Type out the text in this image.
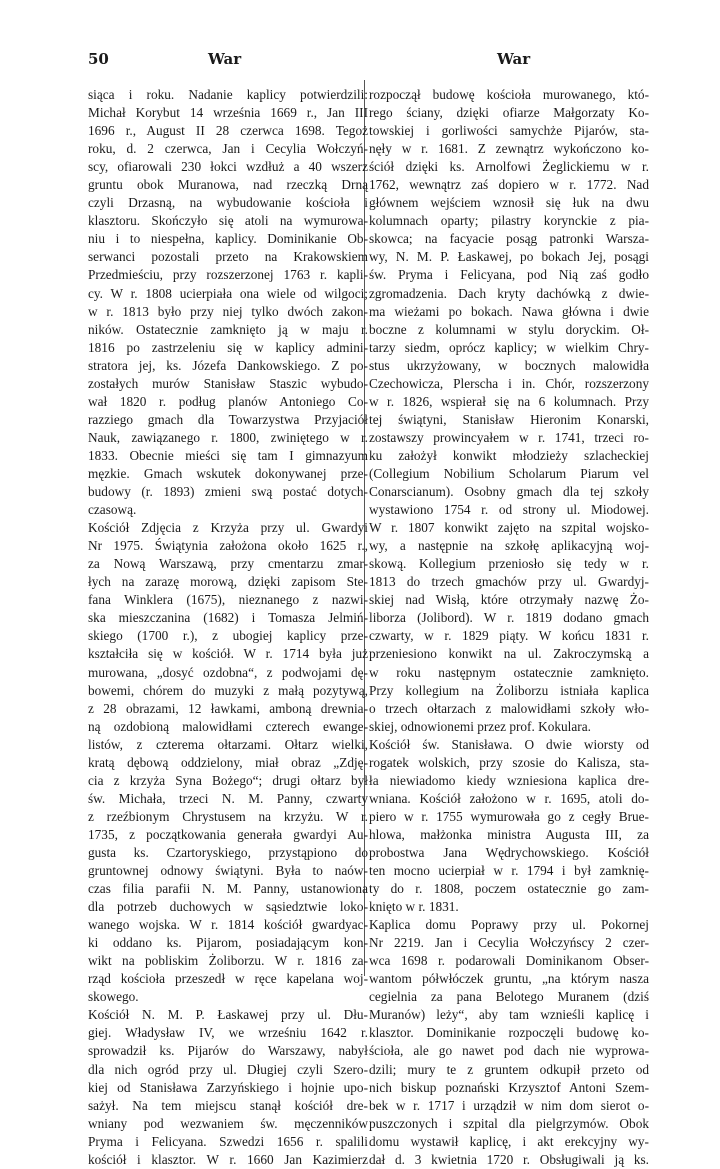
50	War	War
siąca i roku. Nadanie kaplicy potwierdzili:
Michał Korybut 14 września 1669 r., Jan III
1696 r., August II 28 czerwca 1698. Tegoż
roku, d. 2 czerwca, Jan i Cecylia Wołczyń-
scy, ofiarowali 230 łokci wzdłuż a 40 wszerz
gruntu obok Muranowa, nad rzeczką Drną
czyli Drzasną, na wybudowanie kościoła i
klasztoru. Skończyło się atoli na wymurowa-
niu i to niespełna, kaplicy. Dominikanie Ob-
serwanci pozostali przeto na Krakowskiem
Przedmieściu, przy rozszerzonej 1763 r. kapli-
cy. W r. 1808 ucierpiała ona wiele od wilgoci;
w r. 1813 było przy niej tylko dwóch zakon-
ników. Ostatecznie zamknięto ją w maju r.
1816 po zastrzeleniu się w kaplicy admini-
stratora jej, ks. Józefa Dankowskiego. Z po-
zostałych murów Stanisław Staszic wybudo-
wał 1820 r. podług planów Antoniego Co-
razziego gmach dla Towarzystwa Przyjaciół
Nauk, zawiązanego r. 1800, zwiniętego w r.
1833. Obecnie mieści się tam I gimnazyum
męzkie. Gmach wskutek dokonywanej prze-
budowy (r. 1893) zmieni swą postać dotych-
czasową.
Kościół Zdjęcia z Krzyża przy ul. Gwardyi
Nr 1975. Świątynia założona około 1625 r.,
za Nową Warszawą, przy cmentarzu zmar-
łych na zarazę morową, dzięki zapisom Ste-
fana Winklera (1675), nieznanego z nazwi-
ska mieszczanina (1682) i Tomasza Jelmiń-
skiego (1700 r.), z ubogiej kaplicy prze-
kształciła się w kościół. W r. 1714 była już
murowana, „dosyć ozdobna“, z podwojami dę-
bowemi, chórem do muzyki z małą pozytywą,
z 28 obrazami, 12 ławkami, amboną drewnia-
ną ozdobioną malowidłami czterech ewange-
listów, z czterema ołtarzami. Ołtarz wielki,
kratą dębową oddzielony, miał obraz „Zdję-
cia z krzyża Syna Bożego“; drugi ołtarz był
św. Michała, trzeci N. M. Panny, czwarty
z rzeźbionym Chrystusem na krzyżu. W r.
1735, z początkowania generała gwardyi Au-
gusta ks. Czartoryskiego, przystąpiono do
gruntownej odnowy świątyni. Była to naów-
czas filia parafii N. M. Panny, ustanowiona
dla potrzeb duchowych w sąsiedztwie loko-
wanego wojska. W r. 1814 kościół gwardyac-
ki oddano ks. Pijarom, posiadającym kon-
wikt na pobliskim Żoliborzu. W r. 1816 za-
rząd kościoła przeszedł w ręce kapelana woj-
skowego.
Kościół N. M. P. Łaskawej przy ul. Dłu-
giej. Władysław IV, we wrześniu 1642 r.
sprowadził ks. Pijarów do Warszawy, nabył
dla nich ogród przy ul. Długiej czyli Szero-
kiej od Stanisława Zarzyńskiego i hojnie upo-
sażył. Na tem miejscu stanął kościół dre-
wniany pod wezwaniem św. męczenników
Pryma i Felicyana. Szwedzi 1656 r. spalili
kościół i klasztor. W r. 1660 Jan Kazimierz
rozpoczął budowę kościoła murowanego, któ-
rego ściany, dzięki ofiarze Małgorzaty Ko-
towskiej i gorliwości samychże Pijarów, sta-
nęły w r. 1681. Z zewnątrz wykończono ko-
ściół dzięki ks. Arnolfowi Żeglickiemu w r.
1762, wewnątrz zaś dopiero w r. 1772. Nad
głównem wejściem wznosił się łuk na dwu
kolumnach oparty; pilastry korynckie z pia-
skowca; na facyacie posąg patronki Warsza-
wy, N. M. P. Łaskawej, po bokach Jej, posągi
św. Pryma i Felicyana, pod Nią zaś godło
zgromadzenia. Dach kryty dachówką z dwie-
ma wieżami po bokach. Nawa główna i dwie
boczne z kolumnami w stylu doryckim. Oł-
tarzy siedm, oprócz kaplicy; w wielkim Chry-
stus ukrzyżowany, w bocznych malowidła
Czechowicza, Plerscha i in. Chór, rozszerzony
w r. 1826, wspierał się na 6 kolumnach. Przy
tej świątyni, Stanisław Hieronim Konarski,
zostawszy prowincyałem w r. 1741, trzeci ro-
ku założył konwikt młodzieży szlacheckiej
(Collegium Nobilium Scholarum Piarum vel
Conarscianum). Osobny gmach dla tej szkoły
wystawiono 1754 r. od strony ul. Miodowej.
W r. 1807 konwikt zajęto na szpital wojsko-
wy, a następnie na szkołę aplikacyjną woj-
skową. Kollegium przeniosło się tedy w r.
1813 do trzech gmachów przy ul. Gwardyj-
skiej nad Wisłą, które otrzymały nazwę Żo-
liborza (Jolibord). W r. 1819 dodano gmach
czwarty, w r. 1829 piąty. W końcu 1831 r.
przeniesiono konwikt na ul. Zakroczymską a
w roku następnym ostatecznie zamknięto.
Przy kollegium na Żoliborzu istniała kaplica
o trzech ołtarzach z malowidłami szkoły wło-
skiej, odnowionemi przez prof. Kokulara.
Kościół św. Stanisława. O dwie wiorsty od
rogatek wolskich, przy szosie do Kalisza, sta-
ła niewiadomo kiedy wzniesiona kaplica dre-
wniana. Kościół założono w r. 1695, atoli do-
piero w r. 1755 wymurowała go z cegły Brue-
hlowa, małżonka ministra Augusta III, za
probostwa Jana Wędrychowskiego. Kościół
ten mocno ucierpiał w r. 1794 i był zamknię-
ty do r. 1808, poczem ostatecznie go zam-
knięto w r. 1831.
Kaplica domu Poprawy przy ul. Pokornej
Nr 2219. Jan i Cecylia Wołczyńscy 2 czer-
wca 1698 r. podarowali Dominikanom Obser-
wantom półwłóczek gruntu, „na którym nasza
cegielnia za pana Belotego Muranem (dziś
Muranów) leży“, aby tam wznieśli kaplicę i
klasztor. Dominikanie rozpoczęli budowę ko-
ścioła, ale go nawet pod dach nie wyprowa-
dzili; mury te z gruntem odkupił przeto od
nich biskup poznański Krzysztof Antoni Szem-
bek w r. 1717 i urządził w nim dom sierot o-
puszczonych i szpital dla pielgrzymów. Obok
domu wystawił kaplicę, i akt erekcyjny wy-
dał d. 3 kwietnia 1720 r. Obsługiwali ją ks.
